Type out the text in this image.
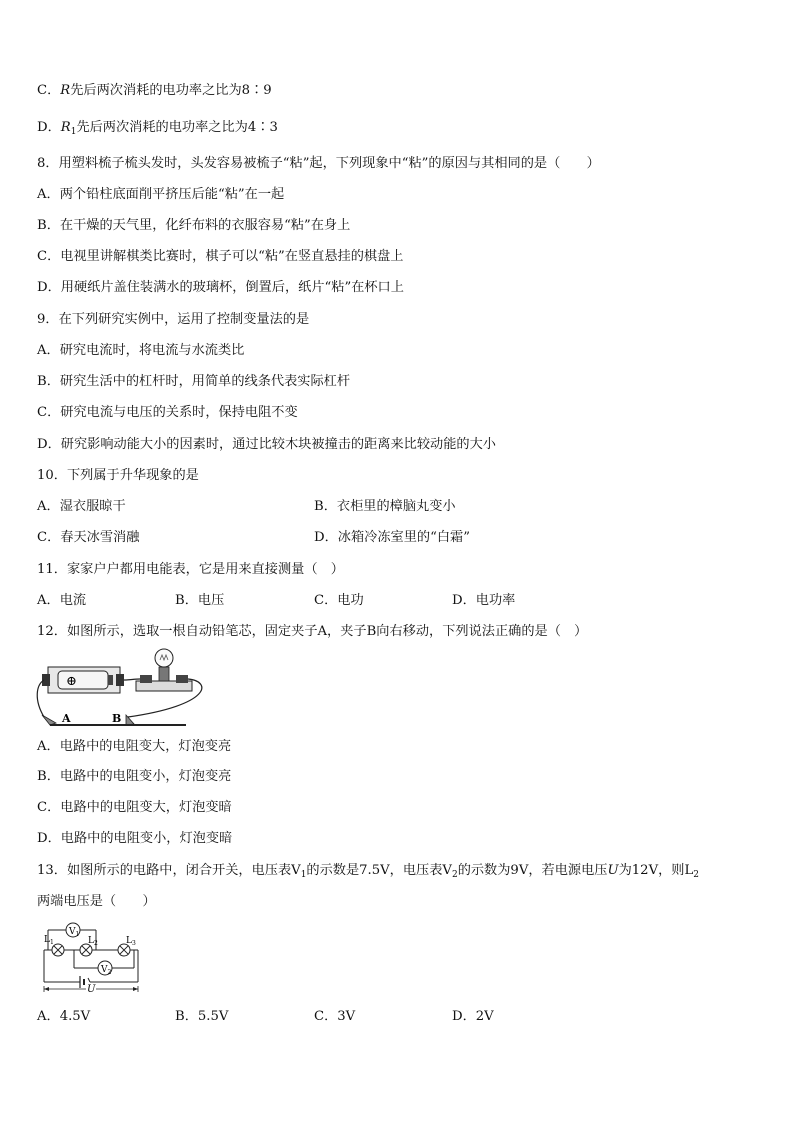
C．R先后两次消耗的电功率之比为8∶9
D．$R_1$先后两次消耗的电功率之比为4∶3
8．用塑料梳子梳头发时，头发容易被梳子“粘”起，下列现象中“粘”的原因与其相同的是（　　）
A．两个铅柱底面削平挤压后能“粘”在一起
B．在干燥的天气里，化纤布料的衣服容易“粘”在身上
C．电视里讲解棋类比赛时，棋子可以“粘”在竖直悬挂的棋盘上
D．用硬纸片盖住装满水的玻璃杯，倒置后，纸片“粘”在杯口上
9．在下列研究实例中，运用了控制变量法的是
A．研究电流时，将电流与水流类比
B．研究生活中的杠杆时，用简单的线条代表实际杠杆
C．研究电流与电压的关系时，保持电阻不变
D．研究影响动能大小的因素时，通过比较木块被撞击的距离来比较动能的大小
10．下列属于升华现象的是
A．湿衣服晾干	B．衣柜里的樟脑丸变小
C．春天冰雪消融	D．冰箱冷冻室里的“白霜”
11．家家户户都用电能表，它是用来直接测量（　）
A．电流	B．电压	C．电功	D．电功率
12．如图所示，选取一根自动铅笔芯，固定夹子A，夹子B向右移动，下列说法正确的是（　）
⊕
A	B
A．电路中的电阻变大，灯泡变亮
B．电路中的电阻变小，灯泡变亮
C．电路中的电阻变大，灯泡变暗
D．电路中的电阻变小，灯泡变暗
13．如图所示的电路中，闭合开关，电压表$V_1$的示数是7.5V，电压表$V_2$的示数为9V，若电源电压U为12V，则$L_2$
两端电压是（　　）
$V_1$
$V_2$
$L_1$	$L_2$	$L_3$
U
A．4.5V	B．5.5V	C．3V	D．2V
